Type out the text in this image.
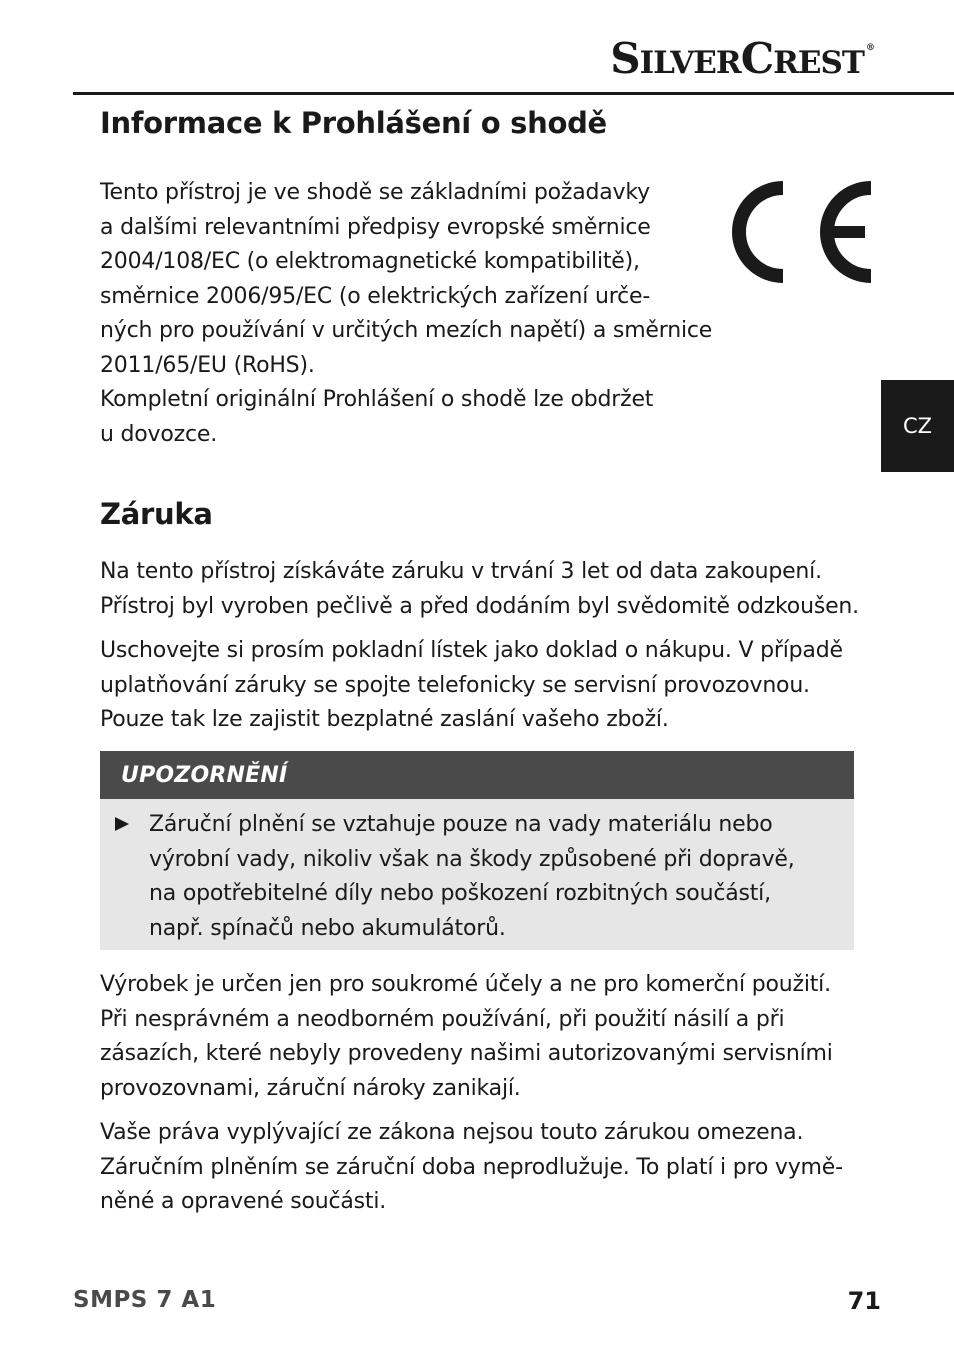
SILVERCREST ®
CZ
Informace k Prohlášení o shodě

Tento přístroj je ve shodě se základními požadavky
a dalšími relevantními předpisy evropské směrnice
2004/108/EC (o elektromagnetické kompatibilitě),
směrnice 2006/95/EC (o elektrických zařízení urče-
ných pro používání v určitých mezích napětí) a směrnice
2011/65/EU (RoHS).
Kompletní originální Prohlášení o shodě lze obdržet
u dovozce.

Záruka

Na tento přístroj získáváte záruku v trvání 3 let od data zakoupení.
Přístroj byl vyroben pečlivě a před dodáním byl svědomitě odzkoušen.

Uschovejte si prosím pokladní lístek jako doklad o nákupu. V případě
uplatňování záruky se spojte telefonicky se servisní provozovnou.
Pouze tak lze zajistit bezplatné zaslání vašeho zboží.

UPOZORNĚNÍ

Záruční plnění se vztahuje pouze na vady materiálu nebo
výrobní vady, nikoliv však na škody způsobené při dopravě,
na opotřebitelné díly nebo poškození rozbitných součástí,
např. spínačů nebo akumulátorů.

Výrobek je určen jen pro soukromé účely a ne pro komerční použití.
Při nesprávném a neodborném používání, při použití násilí a při
zásazích, které nebyly provedeny našimi autorizovanými servisními
provozovnami, záruční nároky zanikají.

Vaše práva vyplývající ze zákona nejsou touto zárukou omezena.
Záručním plněním se záruční doba neprodlužuje. To platí i pro vymě-
něné a opravené součásti.

SMPS 7 A1	71
